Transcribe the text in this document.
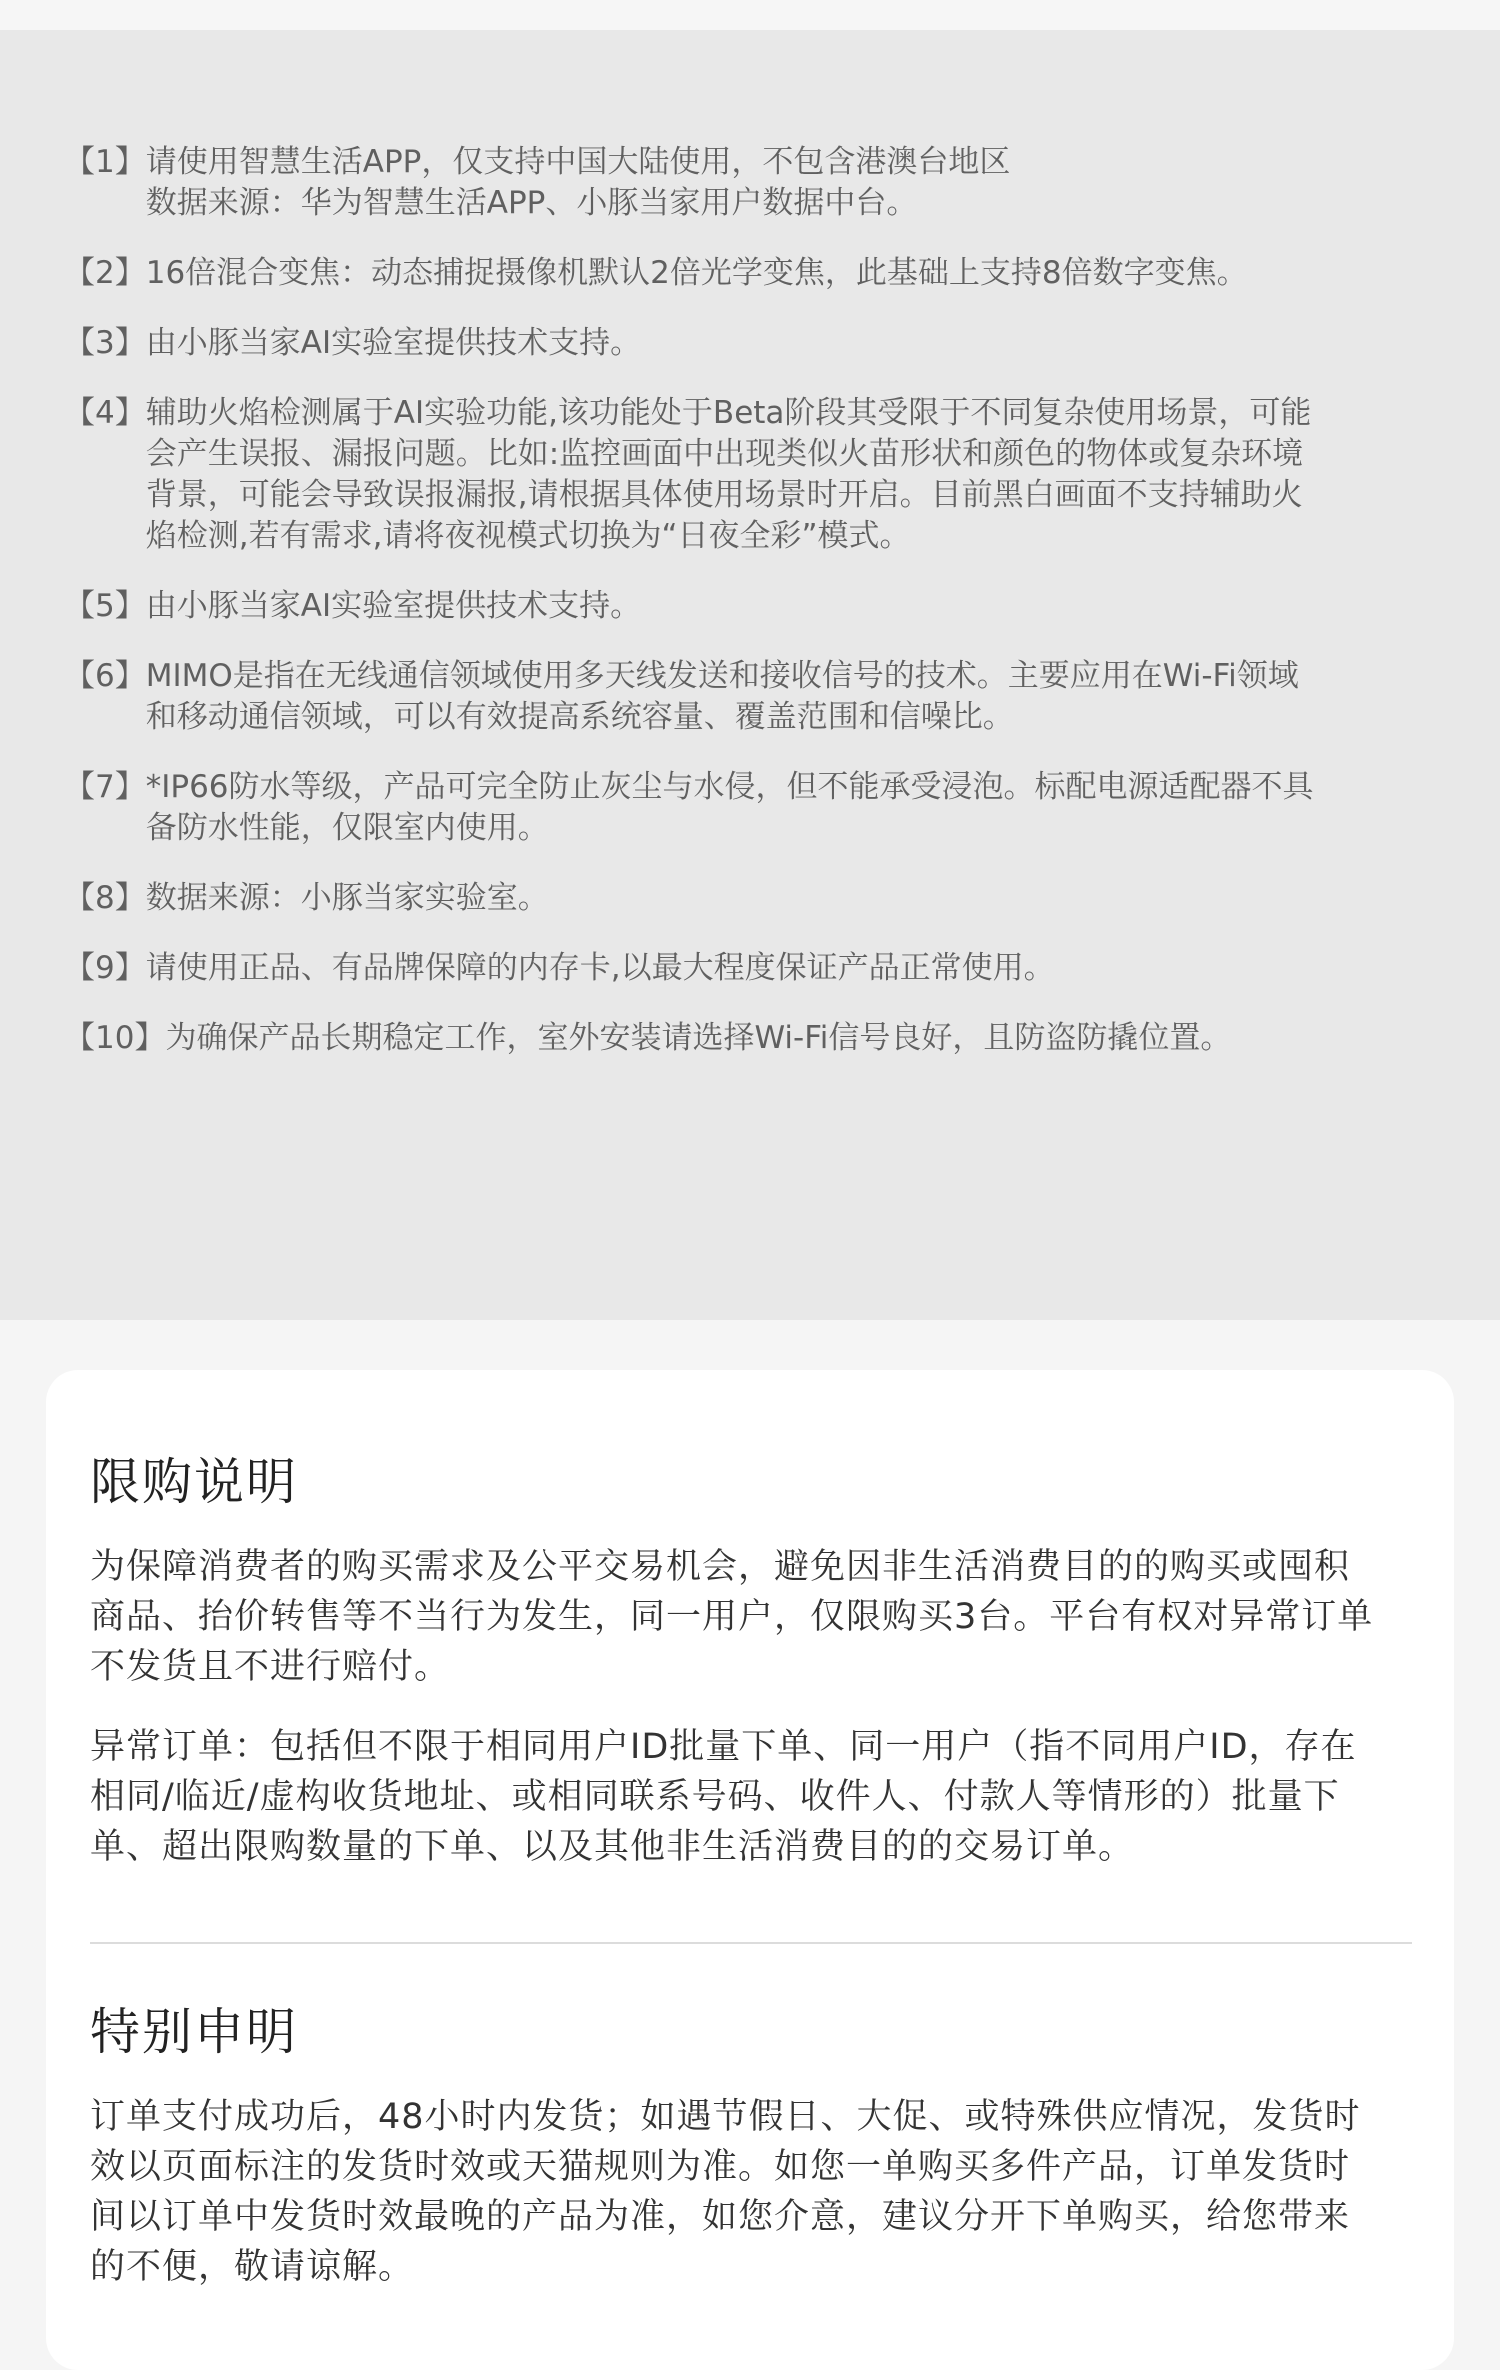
【1】 请使用智慧生活APP，仅支持中国大陆使用，不包含港澳台地区
数据来源：华为智慧生活APP、小豚当家用户数据中台。
【2】 16倍混合变焦：动态捕捉摄像机默认2倍光学变焦，此基础上支持8倍数字变焦。
【3】 由小豚当家AI实验室提供技术支持。
【4】 辅助火焰检测属于AI实验功能,该功能处于Beta阶段其受限于不同复杂使用场景，可能
会产生误报、漏报问题。比如:监控画面中出现类似火苗形状和颜色的物体或复杂环境
背景，可能会导致误报漏报,请根据具体使用场景时开启。目前黑白画面不支持辅助火
焰检测,若有需求,请将夜视模式切换为“日夜全彩”模式。
【5】 由小豚当家AI实验室提供技术支持。
【6】 MIMO是指在无线通信领域使用多天线发送和接收信号的技术。主要应用在Wi-Fi领域
和移动通信领域，可以有效提高系统容量、覆盖范围和信噪比。
【7】 *IP66防水等级，产品可完全防止灰尘与水侵，但不能承受浸泡。标配电源适配器不具
备防水性能，仅限室内使用。
【8】 数据来源：小豚当家实验室。
【9】 请使用正品、有品牌保障的内存卡,以最大程度保证产品正常使用。
【10】 为确保产品长期稳定工作，室外安装请选择Wi-Fi信号良好，且防盗防撬位置。
限购说明

为保障消费者的购买需求及公平交易机会，避免因非生活消费目的的购买或囤积
商品、抬价转售等不当行为发生，同一用户，仅限购买3台。平台有权对异常订单
不发货且不进行赔付。

异常订单：包括但不限于相同用户ID批量下单、同一用户（指不同用户ID，存在
相同/临近/虚构收货地址、或相同联系号码、收件人、付款人等情形的）批量下
单、超出限购数量的下单、以及其他非生活消费目的的交易订单。

特别申明

订单支付成功后，48小时内发货；如遇节假日、大促、或特殊供应情况，发货时
效以页面标注的发货时效或天猫规则为准。如您一单购买多件产品，订单发货时
间以订单中发货时效最晚的产品为准，如您介意，建议分开下单购买，给您带来
的不便，敬请谅解。
